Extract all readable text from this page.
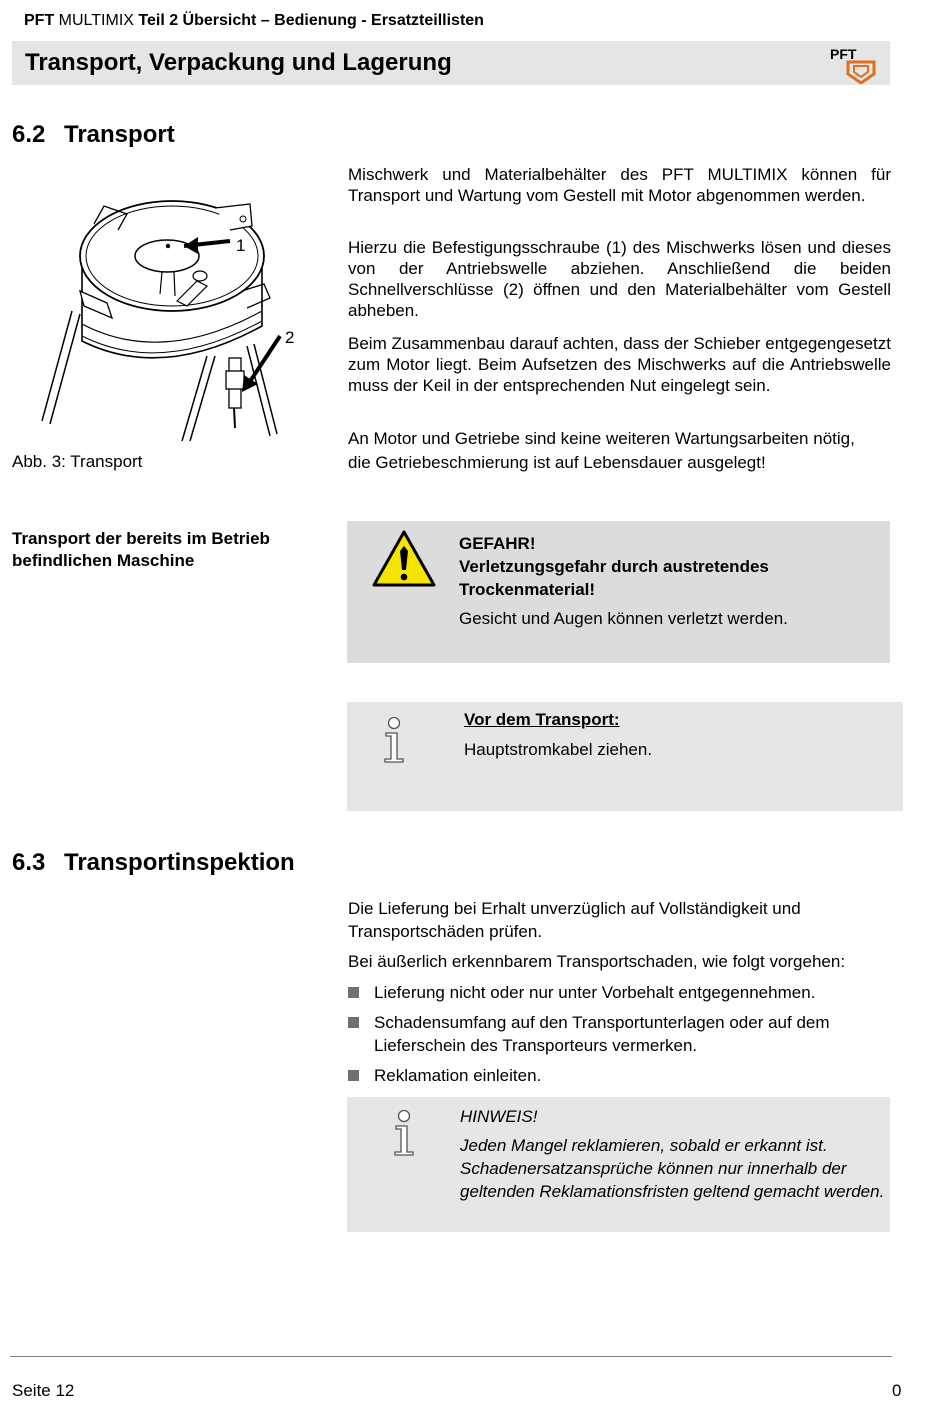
PFT MULTIMIX Teil 2 Übersicht – Bedienung - Ersatzteillisten
Transport, Verpackung und Lagerung	PFT
6.2 Transport
1
2
Abb. 3: Transport
Mischwerk und Materialbehälter des PFT MULTIMIX können für Transport und Wartung vom Gestell mit Motor abgenommen werden.
Hierzu die Befestigungsschraube (1) des Mischwerks lösen und dieses von der Antriebswelle abziehen. Anschließend die beiden Schnellverschlüsse (2) öffnen und den Materialbehälter vom Gestell abheben.
Beim Zusammenbau darauf achten, dass der Schieber entgegengesetzt zum Motor liegt. Beim Aufsetzen des Mischwerks auf die Antriebswelle muss der Keil in der entsprechenden Nut eingelegt sein.
An Motor und Getriebe sind keine weiteren Wartungsarbeiten nötig, die Getriebeschmierung ist auf Lebensdauer ausgelegt!
Transport der bereits im Betrieb befindlichen Maschine
GEFAHR!
Verletzungsgefahr durch austretendes Trockenmaterial!
Gesicht und Augen können verletzt werden.
Vor dem Transport:
Hauptstromkabel ziehen.
6.3 Transportinspektion
Die Lieferung bei Erhalt unverzüglich auf Vollständigkeit und Transportschäden prüfen.
Bei äußerlich erkennbarem Transportschaden, wie folgt vorgehen:
Lieferung nicht oder nur unter Vorbehalt entgegennehmen.
Schadensumfang auf den Transportunterlagen oder auf dem Lieferschein des Transporteurs vermerken.
Reklamation einleiten.
HINWEIS!
Jeden Mangel reklamieren, sobald er erkannt ist. Schadenersatzansprüche können nur innerhalb der geltenden Reklamationsfristen geltend gemacht werden.
Seite 12	0
